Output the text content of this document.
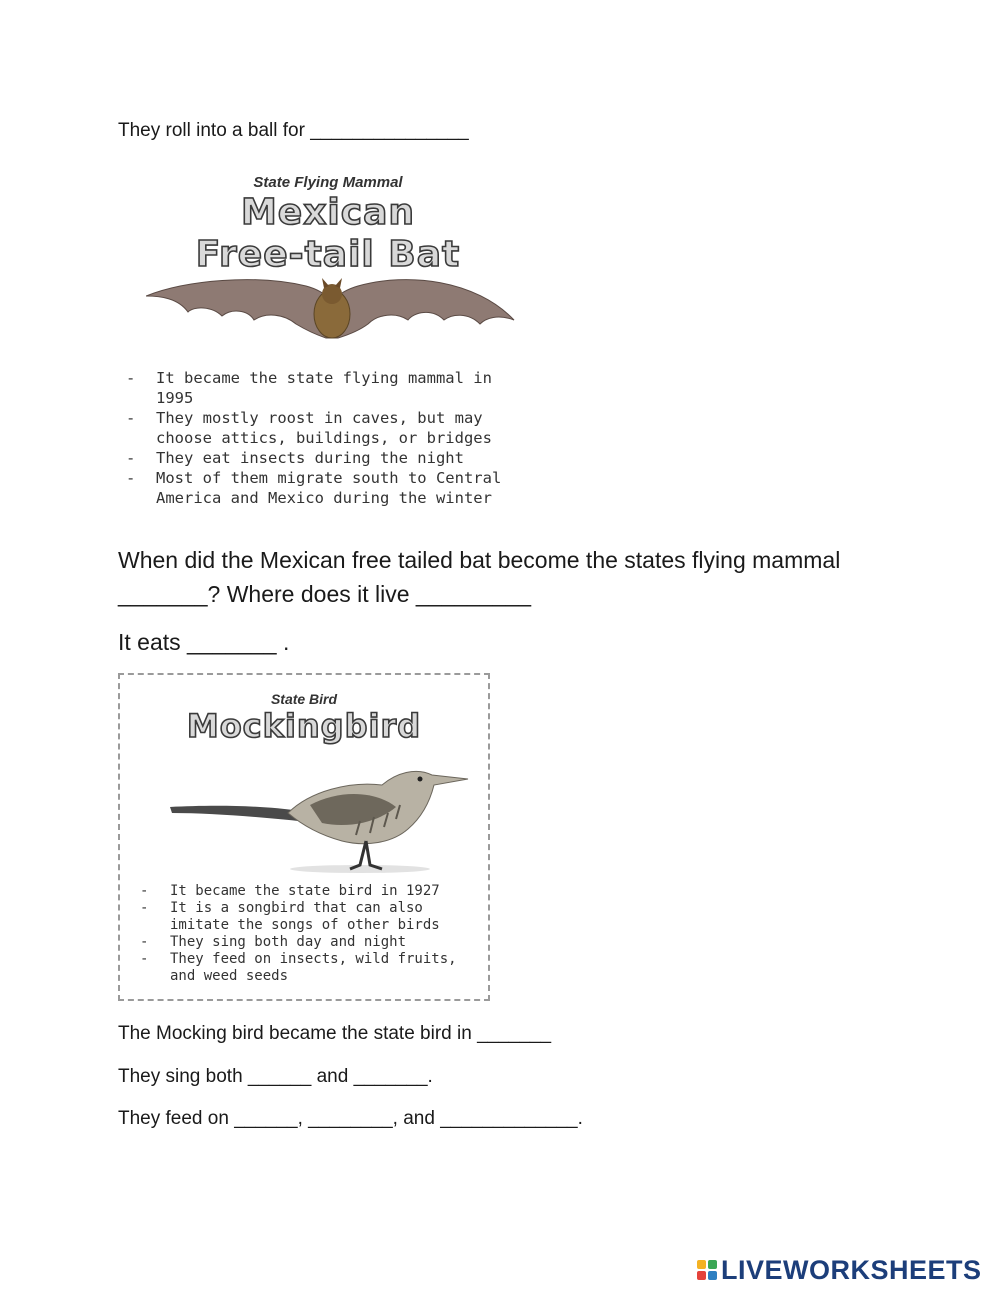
They roll into a ball for _______________

State Flying Mammal
Mexican
Free-tail Bat
- It became the state flying mammal in 1995
- They mostly roost in caves, but may choose attics, buildings, or bridges
- They eat insects during the night
- Most of them migrate south to Central America and Mexico during the winter

When did the Mexican free tailed bat become the states flying mammal

_______? Where does it live _________

It eats _______ .

State Bird
Mockingbird
- It became the state bird in 1927
- It is a songbird that can also imitate the songs of other birds
- They sing both day and night
- They feed on insects, wild fruits, and weed seeds

The Mocking bird became the state bird in _______

They sing both ______ and _______.

They feed on ______, ________, and _____________.

LIVEWORKSHEETS
